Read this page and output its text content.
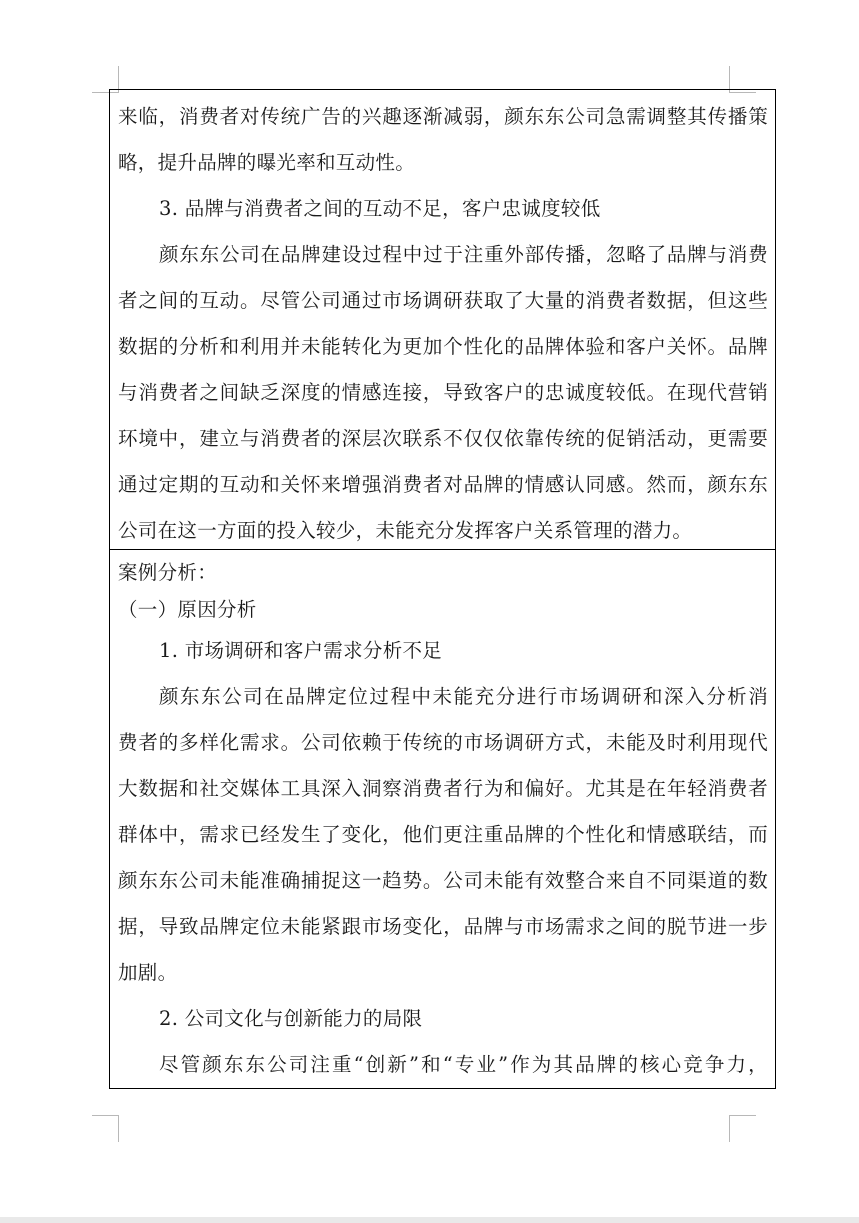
来临，消费者对传统广告的兴趣逐渐减弱，颜东东公司急需调整其传播策
略，提升品牌的曝光率和互动性。
3. 品牌与消费者之间的互动不足，客户忠诚度较低
颜东东公司在品牌建设过程中过于注重外部传播，忽略了品牌与消费
者之间的互动。尽管公司通过市场调研获取了大量的消费者数据，但这些
数据的分析和利用并未能转化为更加个性化的品牌体验和客户关怀。品牌
与消费者之间缺乏深度的情感连接，导致客户的忠诚度较低。在现代营销
环境中，建立与消费者的深层次联系不仅仅依靠传统的促销活动，更需要
通过定期的互动和关怀来增强消费者对品牌的情感认同感。然而，颜东东
公司在这一方面的投入较少，未能充分发挥客户关系管理的潜力。
案例分析：
（一）原因分析
1. 市场调研和客户需求分析不足
颜东东公司在品牌定位过程中未能充分进行市场调研和深入分析消
费者的多样化需求。公司依赖于传统的市场调研方式，未能及时利用现代
大数据和社交媒体工具深入洞察消费者行为和偏好。尤其是在年轻消费者
群体中，需求已经发生了变化，他们更注重品牌的个性化和情感联结，而
颜东东公司未能准确捕捉这一趋势。公司未能有效整合来自不同渠道的数
据，导致品牌定位未能紧跟市场变化，品牌与市场需求之间的脱节进一步
加剧。
2. 公司文化与创新能力的局限
尽管颜东东公司注重“创新”和“专业”作为其品牌的核心竞争力，
